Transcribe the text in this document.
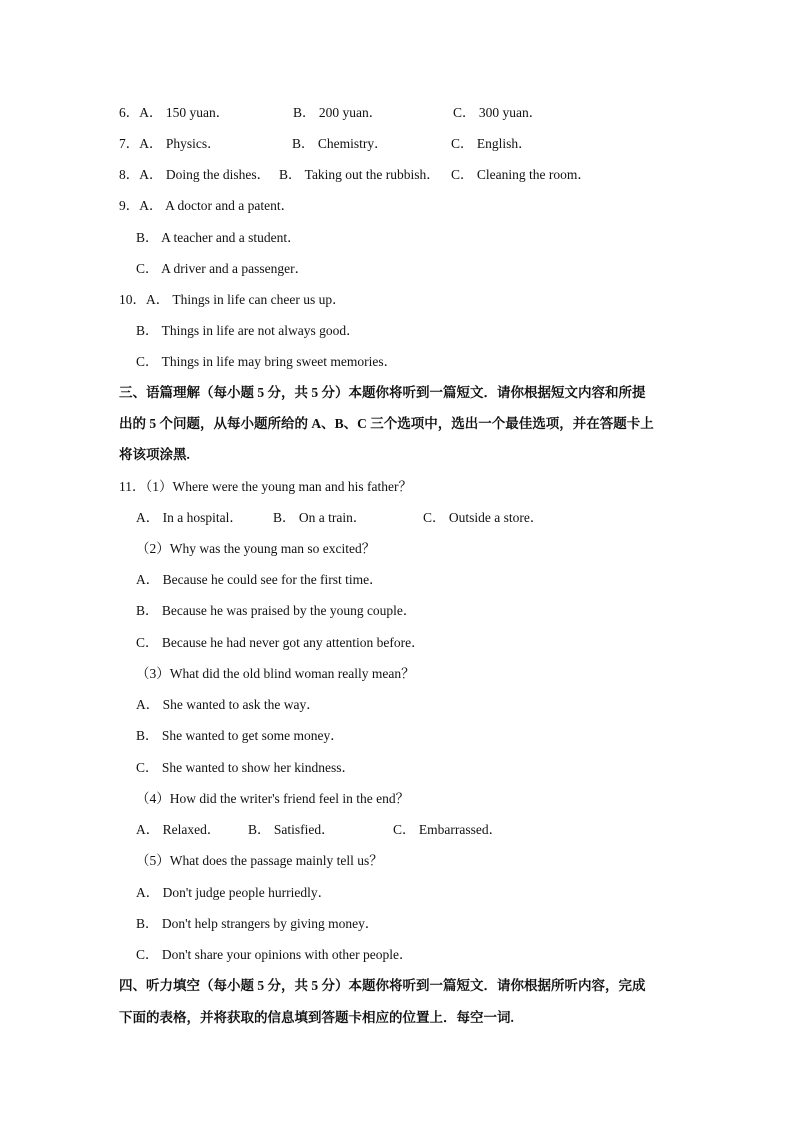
6．A． 150 yuan．	B． 200 yuan．	C． 300 yuan．
7．A． Physics．	B． Chemistry．	C． English．
8．A． Doing the dishes． B． Taking out the rubbish． C． Cleaning the room．
9．A． A doctor and a patent．
B． A teacher and a student．
C． A driver and a passenger．
10．A． Things in life can cheer us up．
B． Things in life are not always good．
C． Things in life may bring sweet memories．
三、语篇理解（每小题 5 分，共 5 分）本题你将听到一篇短文．请你根据短文内容和所提
出的 5 个问题，从每小题所给的 A、B、C 三个选项中，选出一个最佳选项，并在答题卡上
将该项涂黑.
11．（1）Where were the young man and his father？
A． In a hospital． B． On a train．	C． Outside a store．
（2）Why was the young man so excited？
A． Because he could see for the first time．
B． Because he was praised by the young couple．
C． Because he had never got any attention before．
（3）What did the old blind woman really mean？
A． She wanted to ask the way．
B． She wanted to get some money．
C． She wanted to show her kindness．
（4）How did the writer's friend feel in the end？
A． Relaxed． B． Satisfied．	C． Embarrassed．
（5）What does the passage mainly tell us？
A． Don't judge people hurriedly．
B． Don't help strangers by giving money．
C． Don't share your opinions with other people．
四、听力填空（每小题 5 分，共 5 分）本题你将听到一篇短文．请你根据所听内容，完成
下面的表格，并将获取的信息填到答题卡相应的位置上．每空一词.
